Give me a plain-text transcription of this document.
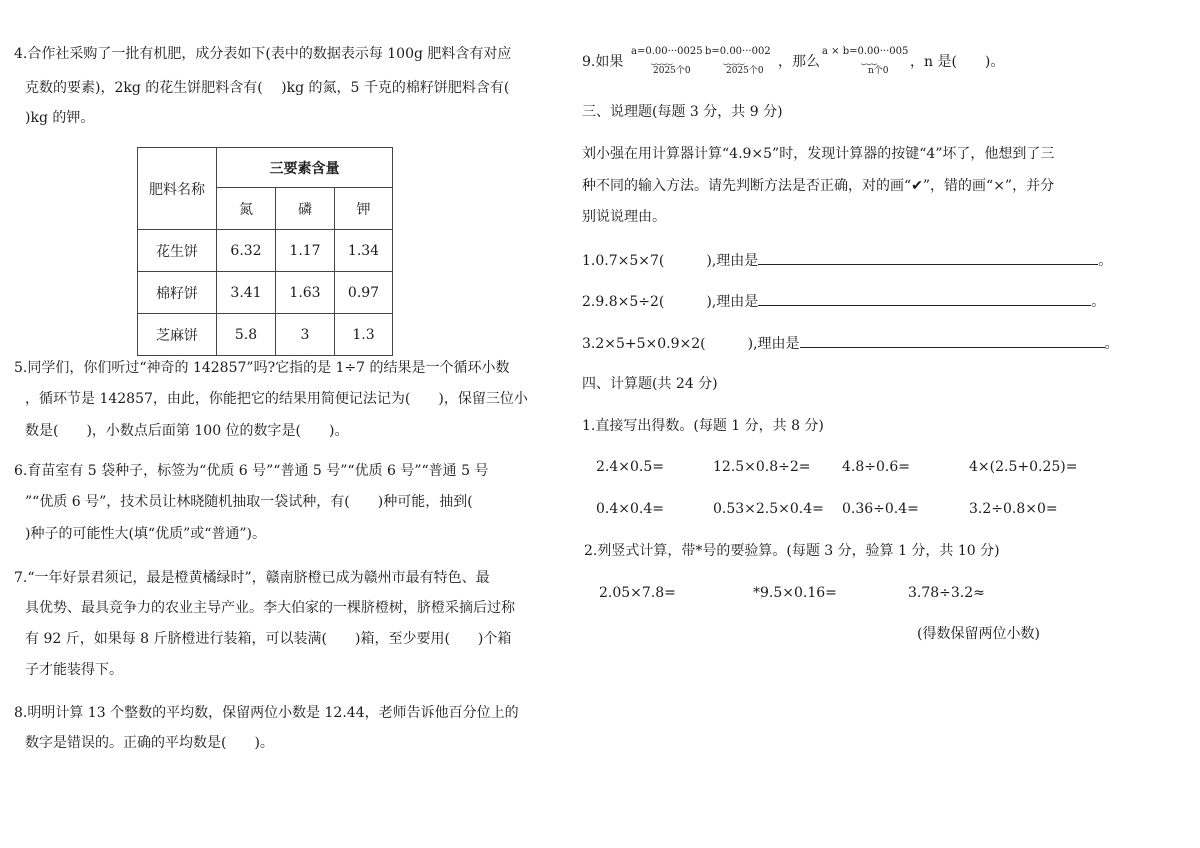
4.合作社采购了一批有机肥，成分表如下(表中的数据表示每 100g 肥料含有对应
克数的要素)，2kg 的花生饼肥料含有(　 )kg 的氮，5 千克的棉籽饼肥料含有(
)kg 的钾。
肥料名称	三要素含量		
	氮	磷	钾
花生饼	6.32	1.17	1.34
棉籽饼	3.41	1.63	0.97
芝麻饼	5.8	3	1.3
5.同学们，你们听过“神奇的 142857”吗?它指的是 1÷7 的结果是一个循环小数
，循环节是 142857，由此，你能把它的结果用简便记法记为(　　)，保留三位小
数是(　　)，小数点后面第 100 位的数字是(　　)。
6.育苗室有 5 袋种子，标签为“优质 6 号”“普通 5 号”“优质 6 号”“普通 5 号
”“优质 6 号”，技术员让林晓随机抽取一袋试种，有(　　)种可能，抽到(
)种子的可能性大(填“优质”或“普通”)。
7.“一年好景君须记，最是橙黄橘绿时”，赣南脐橙已成为赣州市最有特色、最
具优势、最具竞争力的农业主导产业。李大伯家的一棵脐橙树，脐橙采摘后过称
有 92 斤，如果每 8 斤脐橙进行装箱，可以装满(　　)箱，至少要用(　　)个箱
子才能装得下。
8.明明计算 13 个整数的平均数，保留两位小数是 12.44，老师告诉他百分位上的
数字是错误的。正确的平均数是(　　)。
9.如果
a=0.00···0025
⏟⏟⏟⏟
2025个0
b=0.00···002
⏟⏟⏟⏟
2025个0
，那么
a × b=0.00···005
⏟⏟⏟
n个0
，n 是(　　)。
三、说理题(每题 3 分，共 9 分)
刘小强在用计算器计算“4.9×5”时，发现计算器的按键“4”坏了，他想到了三
种不同的输入方法。请先判断方法是否正确，对的画“✔”，错的画“×”，并分
别说说理由。
1.0.7×5×7(　　　),理由是	。
2.9.8×5÷2(　　　),理由是	。
3.2×5+5×0.9×2(　　　),理由是	。
四、计算题(共 24 分)
1.直接写出得数。(每题 1 分，共 8 分)
2.4×0.5=	12.5×0.8÷2= 4.8÷0.6=	4×(2.5+0.25)=
0.4×0.4=	0.53×2.5×0.4= 0.36÷0.4=	3.2÷0.8×0=
2.列竖式计算，带*号的要验算。(每题 3 分，验算 1 分，共 10 分)
2.05×7.8=	*9.5×0.16=	3.78÷3.2≈
(得数保留两位小数)
